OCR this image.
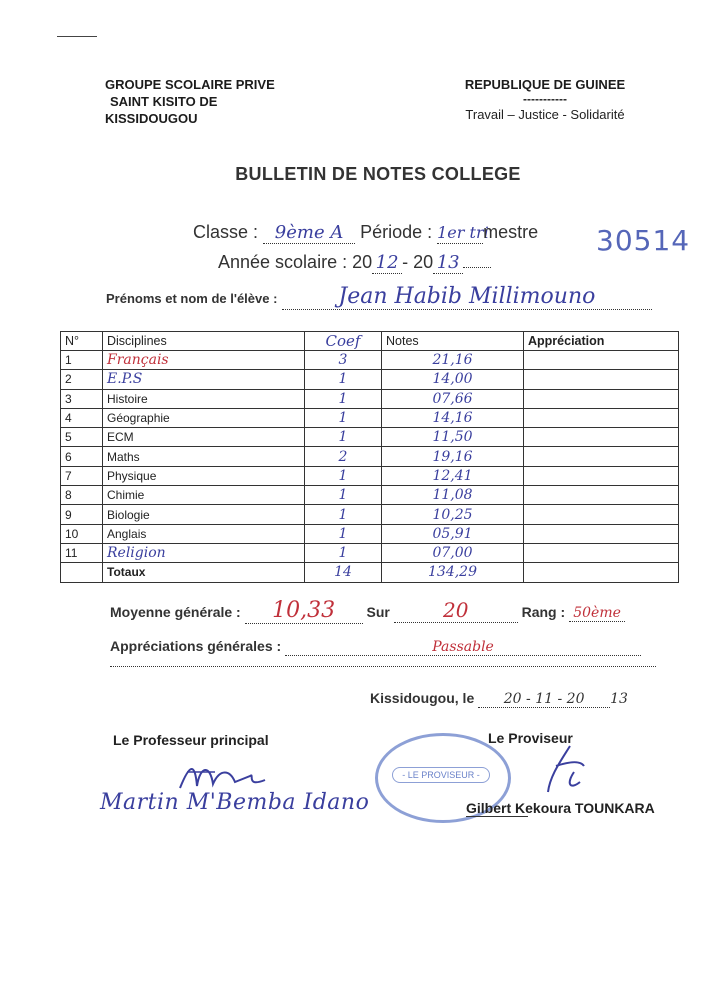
GROUPE SCOLAIRE PRIVE
SAINT KISITO DE
KISSIDOUGOU
REPUBLIQUE DE GUINEE
-----------
Travail – Justice - Solidarité
BULLETIN DE NOTES COLLEGE
Classe : 9ème A Période : 1er trimestre 30514
Année scolaire : 20 12 - 20 13
Prénoms et nom de l'élève :	Jean Habib Millimouno
N°	Disciplines	Coef	Notes	Appréciation
1	Français	3	21,16	
2	E.P.S	1	14,00	
3	Histoire	1	07,66	
4	Géographie	1	14,16	
5	ECM	1	11,50	
6	Maths	2	19,16	
7	Physique	1	12,41	
8	Chimie	1	11,08	
9	Biologie	1	10,25	
10	Anglais	1	05,91	
11	Religion	1	07,00	
	Totaux	14	134,29	
Moyenne générale : 10,33 Sur	20	Rang : 50ème
Appréciations générales :	Passable
Kissidougou, le 20 - 11 - 20 13
Le Professeur principal	Le Proviseur
Martin M'Bemba Idano
- LE PROVISEUR -
Gilbert Kekoura TOUNKARA
